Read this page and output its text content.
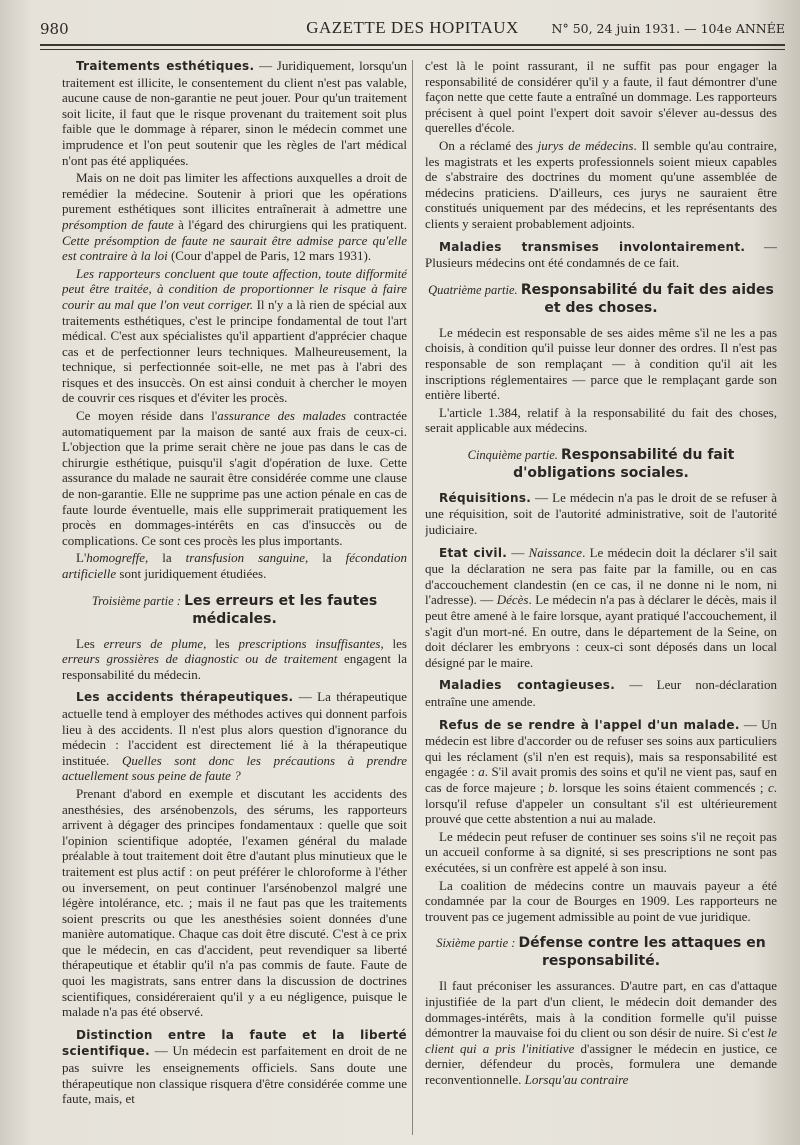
980	GAZETTE DES HOPITAUX	N° 50, 24 juin 1931. — 104e ANNÉE

Traitements esthétiques. — Juridiquement, lorsqu'un traitement est illicite, le consentement du client n'est pas valable, aucune cause de non-garantie ne peut jouer. Pour qu'un traitement soit licite, il faut que le risque provenant du traitement soit plus faible que le dommage à réparer, sinon le médecin commet une imprudence et l'on peut soutenir que les règles de l'art médical n'ont pas été appliquées.

Mais on ne doit pas limiter les affections auxquelles a droit de remédier la médecine. Soutenir à priori que les opérations purement esthétiques sont illicites entraînerait à admettre une présomption de faute à l'égard des chirurgiens qui les pratiquent. Cette présomption de faute ne saurait être admise parce qu'elle est contraire à la loi (Cour d'appel de Paris, 12 mars 1931).

Les rapporteurs concluent que toute affection, toute difformité peut être traitée, à condition de proportionner le risque à faire courir au mal que l'on veut corriger. Il n'y a là rien de spécial aux traitements esthétiques, c'est le principe fondamental de tout l'art médical. C'est aux spécialistes qu'il appartient d'apprécier chaque cas et de perfectionner leurs techniques. Malheureusement, la technique, si perfectionnée soit-elle, ne met pas à l'abri des risques et des insuccès. On est ainsi conduit à chercher le moyen de couvrir ces risques et d'éviter les procès.

Ce moyen réside dans l'assurance des malades contractée automatiquement par la maison de santé aux frais de ceux-ci. L'objection que la prime serait chère ne joue pas dans le cas de chirurgie esthétique, puisqu'il s'agit d'opération de luxe. Cette assurance du malade ne saurait être considérée comme une clause de non-garantie. Elle ne supprime pas une action pénale en cas de faute lourde éventuelle, mais elle supprimerait pratiquement les procès en dommages-intérêts en cas d'insuccès ou de complications. Ce sont ces procès les plus importants.

L'homogreffe, la transfusion sanguine, la fécondation artificielle sont juridiquement étudiées.

Troisième partie : Les erreurs et les fautes médicales.

Les erreurs de plume, les prescriptions insuffisantes, les erreurs grossières de diagnostic ou de traitement engagent la responsabilité du médecin.

Les accidents thérapeutiques. — La thérapeutique actuelle tend à employer des méthodes actives qui donnent parfois lieu à des accidents. Il n'est plus alors question d'ignorance du médecin : l'accident est directement lié à la thérapeutique instituée. Quelles sont donc les précautions à prendre actuellement sous peine de faute ?

Prenant d'abord en exemple et discutant les accidents des anesthésies, des arsénobenzols, des sérums, les rapporteurs arrivent à dégager des principes fondamentaux : quelle que soit l'opinion scientifique adoptée, l'examen général du malade préalable à tout traitement doit être d'autant plus minutieux que le traitement est plus actif : on peut préférer le chloroforme à l'éther ou inversement, on peut continuer l'arsénobenzol malgré une légère intolérance, etc. ; mais il ne faut pas que les traitements soient prescrits ou que les anesthésies soient données d'une manière automatique. Chaque cas doit être discuté. C'est à ce prix que le médecin, en cas d'accident, peut revendiquer sa liberté thérapeutique et établir qu'il n'a pas commis de faute. Faute de quoi les magistrats, sans entrer dans la discussion de doctrines scientifiques, considéreraient qu'il y a eu négligence, puisque le malade n'a pas été observé.

Distinction entre la faute et la liberté scientifique. — Un médecin est parfaitement en droit de ne pas suivre les enseignements officiels. Sans doute une thérapeutique non classique risquera d'être considérée comme une faute, mais, et

c'est là le point rassurant, il ne suffit pas pour engager la responsabilité de considérer qu'il y a faute, il faut démontrer d'une façon nette que cette faute a entraîné un dommage. Les rapporteurs précisent à quel point l'expert doit savoir s'élever au-dessus des querelles d'école.

On a réclamé des jurys de médecins. Il semble qu'au contraire, les magistrats et les experts professionnels soient mieux capables de s'abstraire des doctrines du moment qu'une assemblée de médecins praticiens. D'ailleurs, ces jurys ne sauraient être constitués uniquement par des médecins, et les représentants des clients y seraient probablement adjoints.

Maladies transmises involontairement. — Plusieurs médecins ont été condamnés de ce fait.

Quatrième partie. Responsabilité du fait des aides et des choses.

Le médecin est responsable de ses aides même s'il ne les a pas choisis, à condition qu'il puisse leur donner des ordres. Il n'est pas responsable de son remplaçant — à condition qu'il ait les inscriptions réglementaires — parce que le remplaçant garde son entière liberté.

L'article 1.384, relatif à la responsabilité du fait des choses, serait applicable aux médecins.

Cinquième partie. Responsabilité du fait d'obligations sociales.

Réquisitions. — Le médecin n'a pas le droit de se refuser à une réquisition, soit de l'autorité administrative, soit de l'autorité judiciaire.

Etat civil. — Naissance. Le médecin doit la déclarer s'il sait que la déclaration ne sera pas faite par la famille, ou en cas d'accouchement clandestin (en ce cas, il ne donne ni le nom, ni l'adresse). — Décès. Le médecin n'a pas à déclarer le décès, mais il peut être amené à le faire lorsque, ayant pratiqué l'accouchement, il s'agit d'un mort-né. En outre, dans le département de la Seine, on doit déclarer les embryons : ceux-ci sont déposés dans un local désigné par le maire.

Maladies contagieuses. — Leur non-déclaration entraîne une amende.

Refus de se rendre à l'appel d'un malade. — Un médecin est libre d'accorder ou de refuser ses soins aux particuliers qui les réclament (s'il n'en est requis), mais sa responsabilité est engagée : a. S'il avait promis des soins et qu'il ne vient pas, sauf en cas de force majeure ; b. lorsque les soins étaient commencés ; c. lorsqu'il refuse d'appeler un consultant s'il est ultérieurement prouvé que cette abstention a nui au malade.

Le médecin peut refuser de continuer ses soins s'il ne reçoit pas un accueil conforme à sa dignité, si ses prescriptions ne sont pas exécutées, si un confrère est appelé à son insu.

La coalition de médecins contre un mauvais payeur a été condamnée par la cour de Bourges en 1909. Les rapporteurs ne trouvent pas ce jugement admissible au point de vue juridique.

Sixième partie : Défense contre les attaques en responsabilité.

Il faut préconiser les assurances. D'autre part, en cas d'attaque injustifiée de la part d'un client, le médecin doit demander des dommages-intérêts, mais à la condition formelle qu'il puisse démontrer la mauvaise foi du client ou son désir de nuire. Si c'est le client qui a pris l'initiative d'assigner le médecin en justice, ce dernier, défendeur du procès, formulera une demande reconventionnelle. Lorsqu'au contraire
